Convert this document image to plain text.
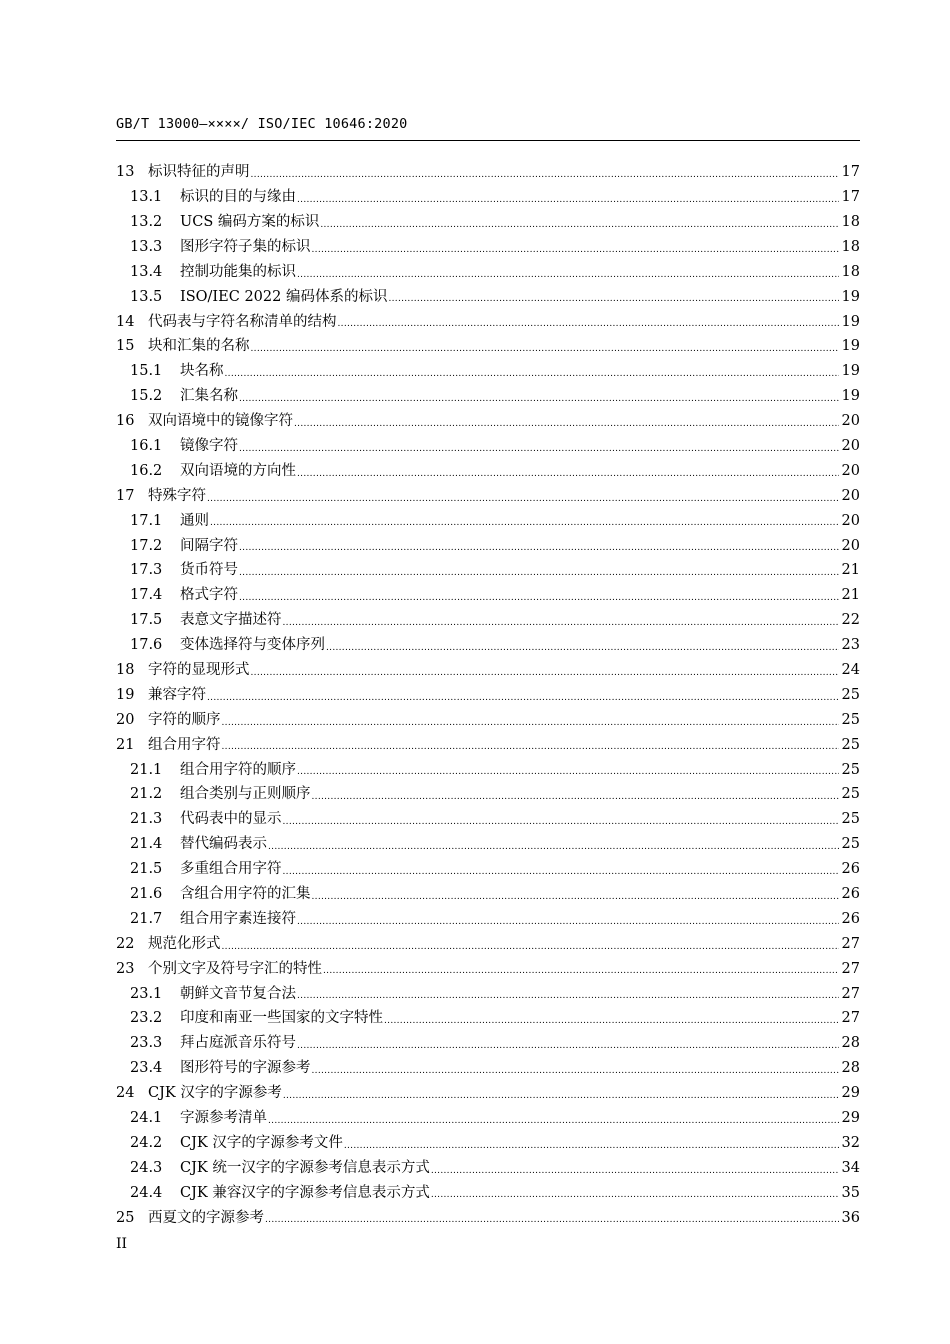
GB/T 13000—××××/ ISO/IEC 10646:2020
13 标识特征的声明 .....	17
13.1	标识的目的与缘由 .....	17
13.2	UCS 编码方案的标识 .....	18
13.3	图形字符子集的标识 .....	18
13.4	控制功能集的标识 .....	18
13.5	ISO/IEC 2022 编码体系的标识 .....	19
14 代码表与字符名称清单的结构 .....	19
15 块和汇集的名称 .....	19
15.1	块名称 .....	19
15.2	汇集名称 .....	19
16 双向语境中的镜像字符 .....	20
16.1	镜像字符 .....	20
16.2	双向语境的方向性 .....	20
17 特殊字符 .....	20
17.1	通则 .....	20
17.2	间隔字符 .....	20
17.3	货币符号 .....	21
17.4	格式字符 .....	21
17.5	表意文字描述符 .....	22
17.6	变体选择符与变体序列 .....	23
18 字符的显现形式 .....	24
19 兼容字符 .....	25
20 字符的顺序 .....	25
21 组合用字符 .....	25
21.1	组合用字符的顺序 .....	25
21.2	组合类别与正则顺序 .....	25
21.3	代码表中的显示 .....	25
21.4	替代编码表示 .....	25
21.5	多重组合用字符 .....	26
21.6	含组合用字符的汇集 .....	26
21.7	组合用字素连接符 .....	26
22 规范化形式 .....	27
23 个别文字及符号字汇的特性 .....	27
23.1	朝鲜文音节复合法 .....	27
23.2	印度和南亚一些国家的文字特性 .....	27
23.3	拜占庭派音乐符号 .....	28
23.4	图形符号的字源参考 .....	28
24 CJK 汉字的字源参考 .....	29
24.1	字源参考清单 .....	29
24.2	CJK 汉字的字源参考文件 .....	32
24.3	CJK 统一汉字的字源参考信息表示方式 .....	34
24.4	CJK 兼容汉字的字源参考信息表示方式 .....	35
25 西夏文的字源参考 .....	36
II
